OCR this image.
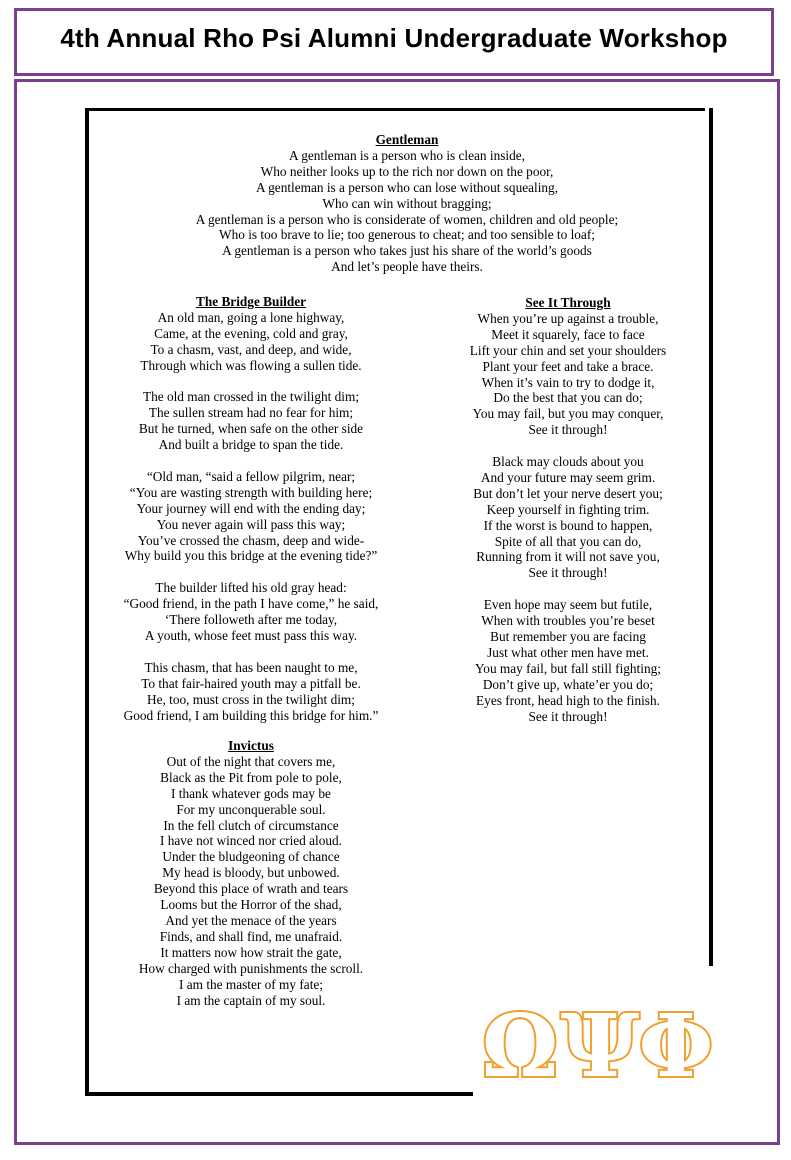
4th Annual Rho Psi Alumni Undergraduate Workshop
Gentleman
A gentleman is a person who is clean inside,
Who neither looks up to the rich nor down on the poor,
A gentleman is a person who can lose without squealing,
Who can win without bragging;
A gentleman is a person who is considerate of women, children and old people;
Who is too brave to lie; too generous to cheat; and too sensible to loaf;
A gentleman is a person who takes just his share of the world’s goods
And let’s people have theirs.
The Bridge Builder
An old man, going a lone highway,
Came, at the evening, cold and gray,
To a chasm, vast, and deep, and wide,
Through which was flowing a sullen tide.
The old man crossed in the twilight dim;
The sullen stream had no fear for him;
But he turned, when safe on the other side
And built a bridge to span the tide.
“Old man, “said a fellow pilgrim, near;
“You are wasting strength with building here;
Your journey will end with the ending day;
You never again will pass this way;
You’ve crossed the chasm, deep and wide-
Why build you this bridge at the evening tide?”
The builder lifted his old gray head:
“Good friend, in the path I have come,” he said,
‘There followeth after me today,
A youth, whose feet must pass this way.
This chasm, that has been naught to me,
To that fair-haired youth may a pitfall be.
He, too, must cross in the twilight dim;
Good friend, I am building this bridge for him.”
Invictus
Out of the night that covers me,
Black as the Pit from pole to pole,
I thank whatever gods may be
For my unconquerable soul.
In the fell clutch of circumstance
I have not winced nor cried aloud.
Under the bludgeoning of chance
My head is bloody, but unbowed.
Beyond this place of wrath and tears
Looms but the Horror of the shad,
And yet the menace of the years
Finds, and shall find, me unafraid.
It matters now how strait the gate,
How charged with punishments the scroll.
I am the master of my fate;
I am the captain of my soul.
See It Through
When you’re up against a trouble,
Meet it squarely, face to face
Lift your chin and set your shoulders
Plant your feet and take a brace.
When it’s vain to try to dodge it,
Do the best that you can do;
You may fail, but you may conquer,
See it through!
Black may clouds about you
And your future may seem grim.
But don’t let your nerve desert you;
Keep yourself in fighting trim.
If the worst is bound to happen,
Spite of all that you can do,
Running from it will not save you,
See it through!
Even hope may seem but futile,
When with troubles you’re beset
But remember you are facing
Just what other men have met.
You may fail, but fall still fighting;
Don’t give up, whate’er you do;
Eyes front, head high to the finish.
See it through!
Ω Ψ Φ
